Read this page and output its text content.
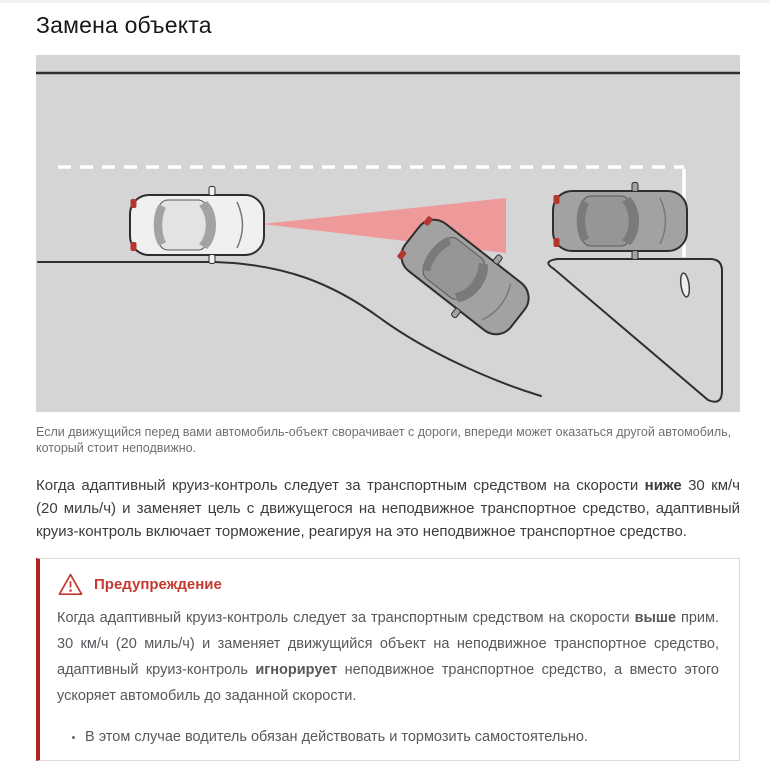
Замена объекта
Если движущийся перед вами автомобиль-объект сворачивает с дороги, впереди может оказаться другой автомобиль, который стоит неподвижно.

Когда адаптивный круиз-контроль следует за транспортным средством на скорости ниже 30 км/ч (20 миль/ч) и заменяет цель с движущегося на неподвижное транспортное средство, адаптивный круиз-контроль включает торможение, реагируя на это неподвижное транспортное средство.

Предупреждение

Когда адаптивный круиз-контроль следует за транспортным средством на скорости выше прим. 30 км/ч (20 миль/ч) и заменяет движущийся объект на неподвижное транспортное средство, адаптивный круиз-контроль игнорирует неподвижное транспортное средство, а вместо этого ускоряет автомобиль до заданной скорости.

• В этом случае водитель обязан действовать и тормозить самостоятельно.
